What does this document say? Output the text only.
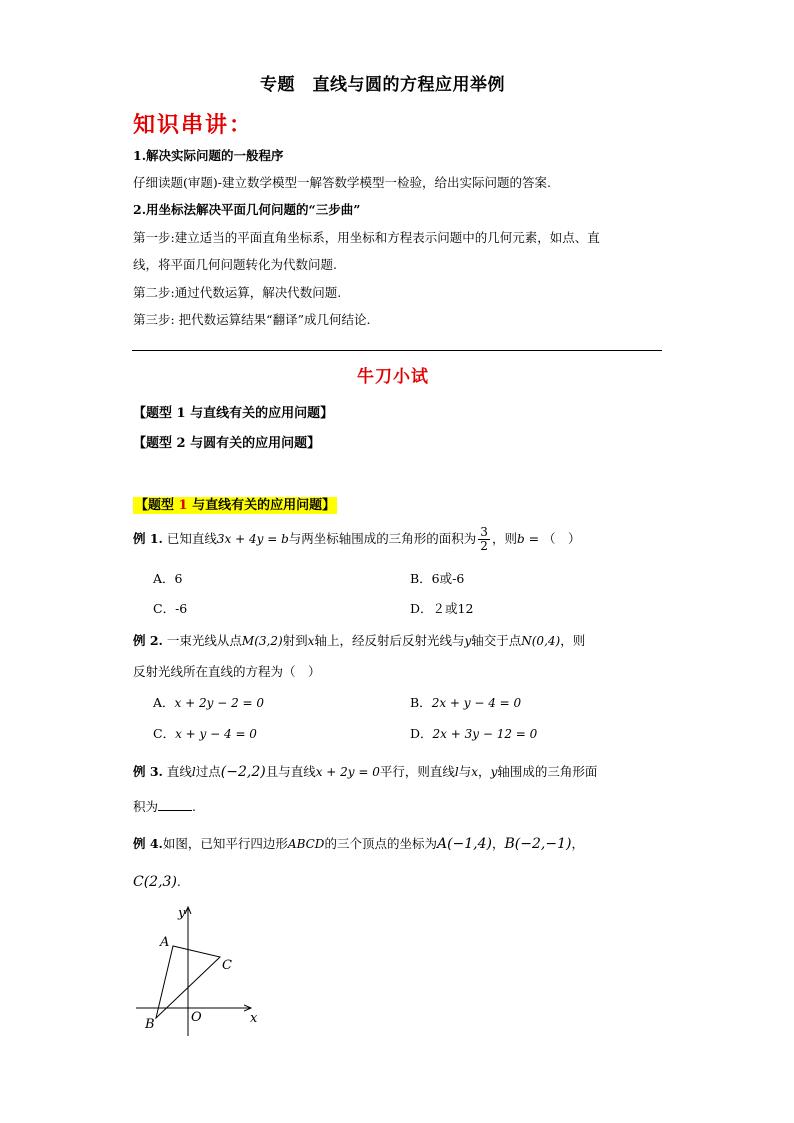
专题　直线与圆的方程应用举例
知识串讲：
1.解决实际问题的一般程序
仔细读题(审题)-建立数学模型一解答数学模型一检验，给出实际问题的答案.
2.用坐标法解决平面几何问题的“三步曲”
第一步:建立适当的平面直角坐标系，用坐标和方程表示问题中的几何元素，如点、直
线，将平面几何问题转化为代数问题.
第二步:通过代数运算，解决代数问题.
第三步: 把代数运算结果“翻译”成几何结论.
牛刀小试
【题型 1 与直线有关的应用问题】
【题型 2 与圆有关的应用问题】
【题型 1 与直线有关的应用问题】
例 1. 已知直线3x + 4y = b与两坐标轴围成的三角形的面积为 $\frac{3}{2}$ ，则b = （　）
A．6	B．6或-6
C．-6	D．２或12
例 2. 一束光线从点M(3,2)射到x轴上，经反射后反射光线与y轴交于点N(0,4)，则
反射光线所在直线的方程为（　）
A．x + 2y − 2 = 0	B．2x + y − 4 = 0
C．x + y − 4 = 0	D．2x + 3y − 12 = 0
例 3. 直线l过点(−2,2)且与直线x + 2y = 0平行，则直线l与x，y轴围成的三角形面
积为	.
例 4.如图，已知平行四边形ABCD的三个顶点的坐标为A(−1,4)，B(−2,−1)，
C(2,3).
y
x
A
B
C
O
